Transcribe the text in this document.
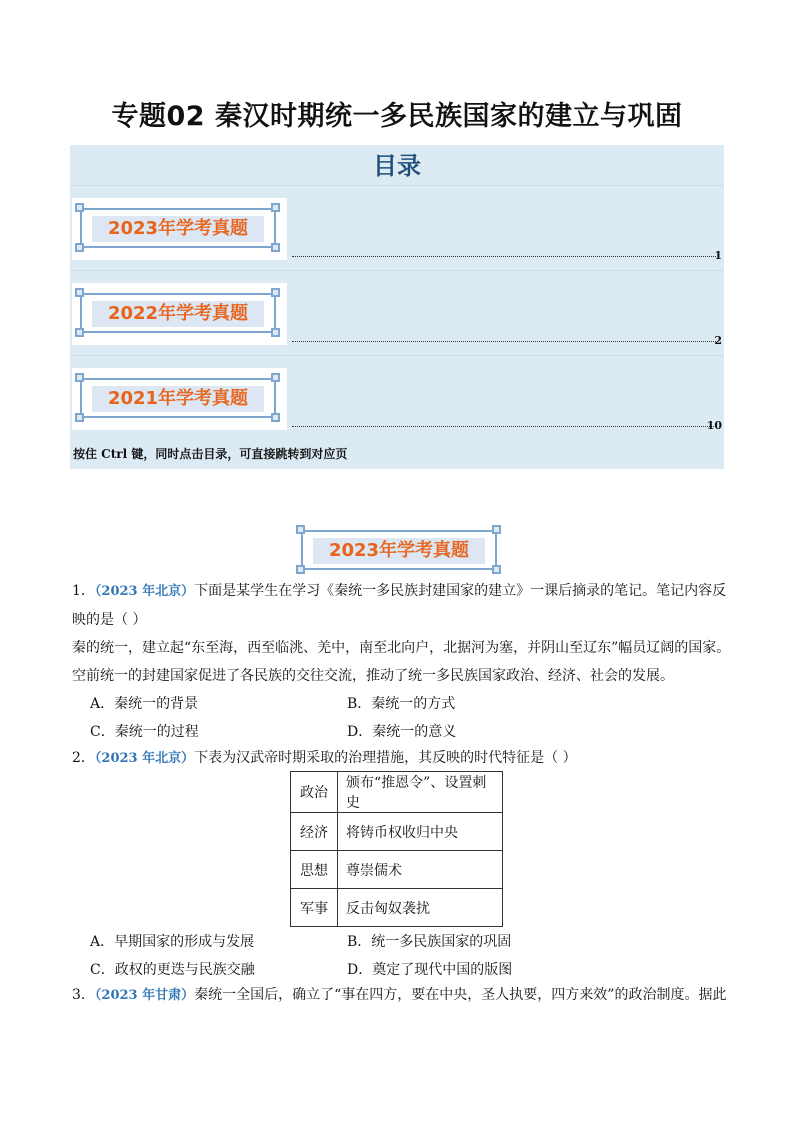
专题02 秦汉时期统一多民族国家的建立与巩固
目录
2023年学考真题
1
2022年学考真题
2
2021年学考真题
10
按住 Ctrl 键，同时点击目录，可直接跳转到对应页
2023年学考真题
1．（2023 年北京）下面是某学生在学习《秦统一多民族封建国家的建立》一课后摘录的笔记。笔记内容反
映的是（ ）
秦的统一，建立起“东至海，西至临洮、羌中，南至北向户，北据河为塞，并阴山至辽东”幅员辽阔的国家。
空前统一的封建国家促进了各民族的交往交流，推动了统一多民族国家政治、经济、社会的发展。
A．秦统一的背景	B．秦统一的方式
C．秦统一的过程	D．秦统一的意义
2．（2023 年北京）下表为汉武帝时期采取的治理措施，其反映的时代特征是（ ）
政治	颁布“推恩令”、设置刺史
经济	将铸币权收归中央
思想	尊崇儒术
军事	反击匈奴袭扰
A．早期国家的形成与发展	B．统一多民族国家的巩固
C．政权的更迭与民族交融	D．奠定了现代中国的版图
3．（2023 年甘肃）秦统一全国后，确立了“事在四方，要在中央，圣人执要，四方来效”的政治制度。据此
